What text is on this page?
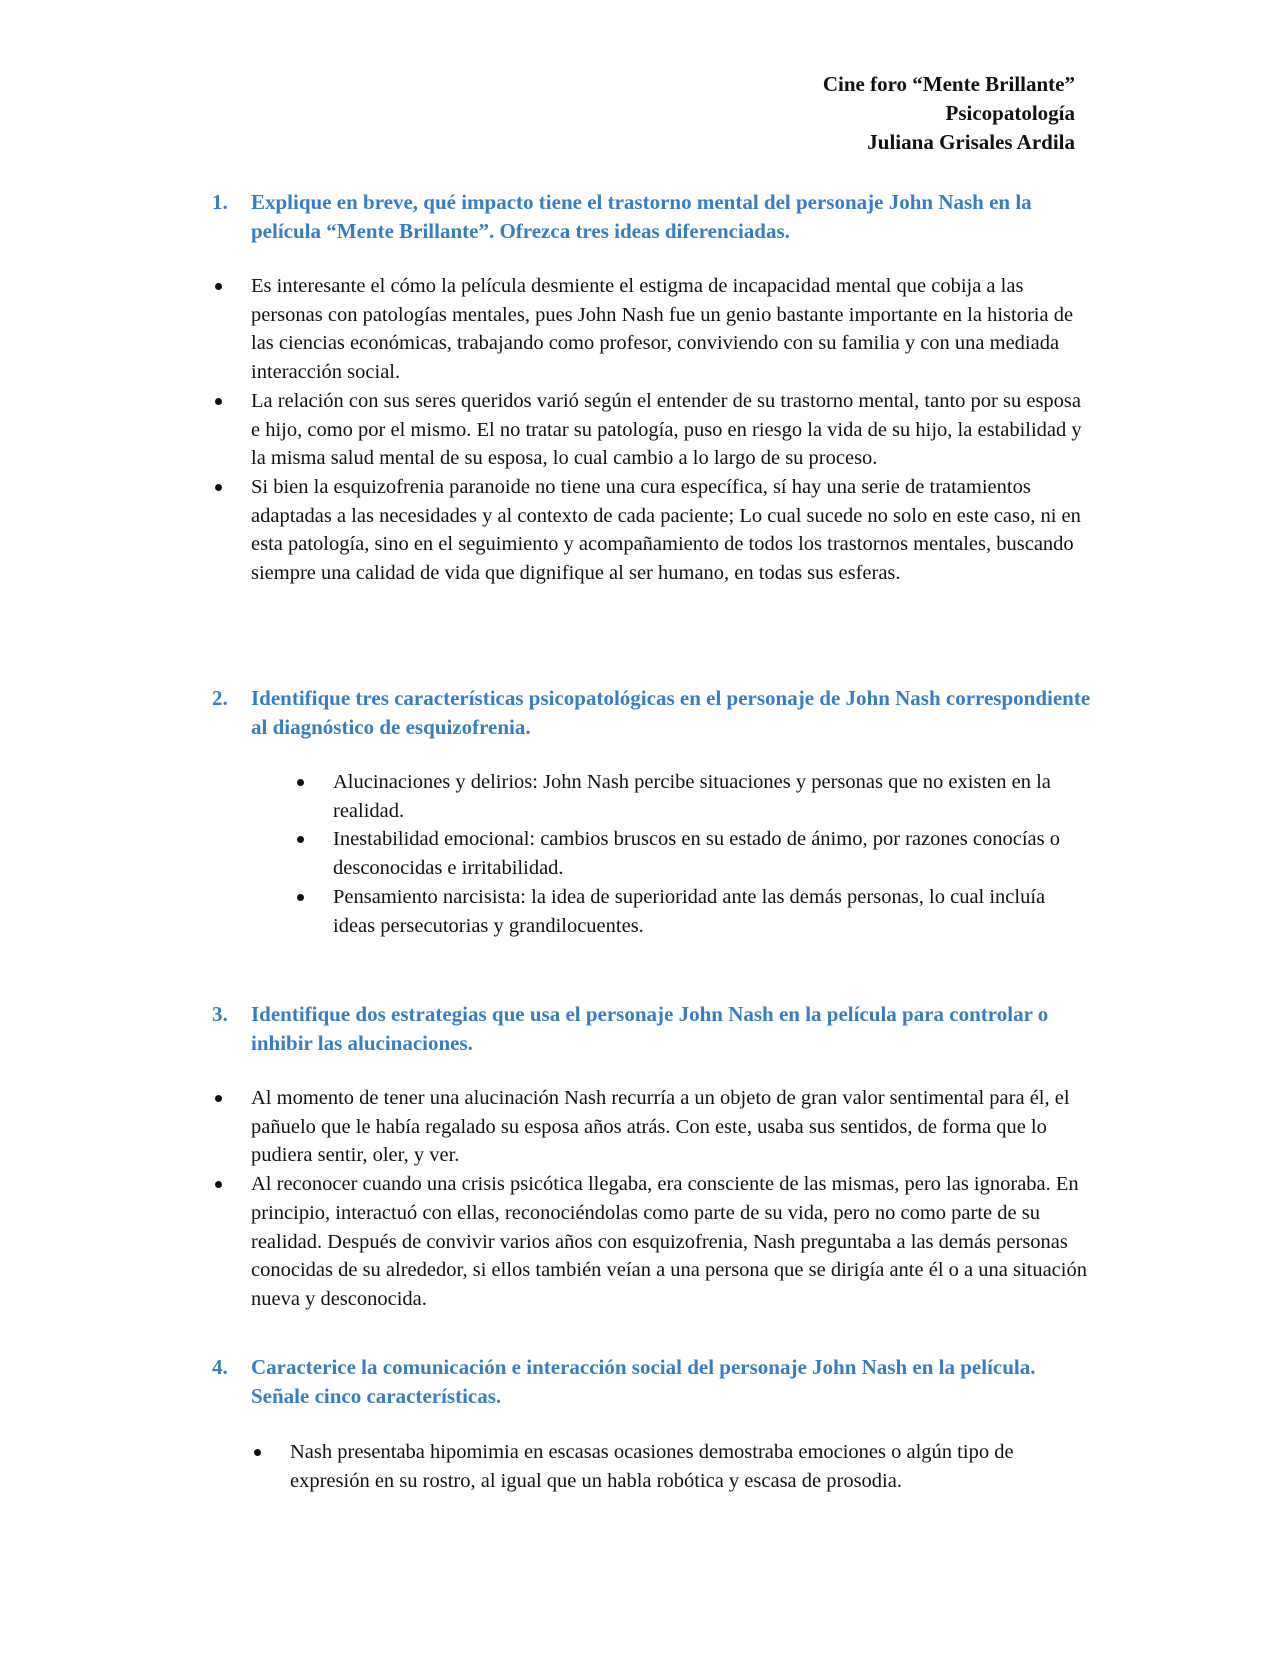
Cine foro “Mente Brillante”
Psicopatología
Juliana Grisales Ardila
1. Explique en breve, qué impacto tiene el trastorno mental del personaje John Nash en la película “Mente Brillante”. Ofrezca tres ideas diferenciadas.
Es interesante el cómo la película desmiente el estigma de incapacidad mental que cobija a las personas con patologías mentales, pues John Nash fue un genio bastante importante en la historia de las ciencias económicas, trabajando como profesor, conviviendo con su familia y con una mediada interacción social.
La relación con sus seres queridos varió según el entender de su trastorno mental, tanto por su esposa e hijo, como por el mismo. El no tratar su patología, puso en riesgo la vida de su hijo, la estabilidad y la misma salud mental de su esposa, lo cual cambio a lo largo de su proceso.
Si bien la esquizofrenia paranoide no tiene una cura específica, sí hay una serie de tratamientos adaptadas a las necesidades y al contexto de cada paciente; Lo cual sucede no solo en este caso, ni en esta patología, sino en el seguimiento y acompañamiento de todos los trastornos mentales, buscando siempre una calidad de vida que dignifique al ser humano, en todas sus esferas.
2. Identifique tres características psicopatológicas en el personaje de John Nash correspondiente al diagnóstico de esquizofrenia.
Alucinaciones y delirios: John Nash percibe situaciones y personas que no existen en la realidad.
Inestabilidad emocional: cambios bruscos en su estado de ánimo, por razones conocías o desconocidas e irritabilidad.
Pensamiento narcisista: la idea de superioridad ante las demás personas, lo cual incluía ideas persecutorias y grandilocuentes.
3. Identifique dos estrategias que usa el personaje John Nash en la película para controlar o inhibir las alucinaciones.
Al momento de tener una alucinación Nash recurría a un objeto de gran valor sentimental para él, el pañuelo que le había regalado su esposa años atrás. Con este, usaba sus sentidos, de forma que lo pudiera sentir, oler, y ver.
Al reconocer cuando una crisis psicótica llegaba, era consciente de las mismas, pero las ignoraba. En principio, interactuó con ellas, reconociéndolas como parte de su vida, pero no como parte de su realidad. Después de convivir varios años con esquizofrenia, Nash preguntaba a las demás personas conocidas de su alrededor, si ellos también veían a una persona que se dirigía ante él o a una situación nueva y desconocida.
4. Caracterice la comunicación e interacción social del personaje John Nash en la película. Señale cinco características.
Nash presentaba hipomimia en escasas ocasiones demostraba emociones o algún tipo de expresión en su rostro, al igual que un habla robótica y escasa de prosodia.
